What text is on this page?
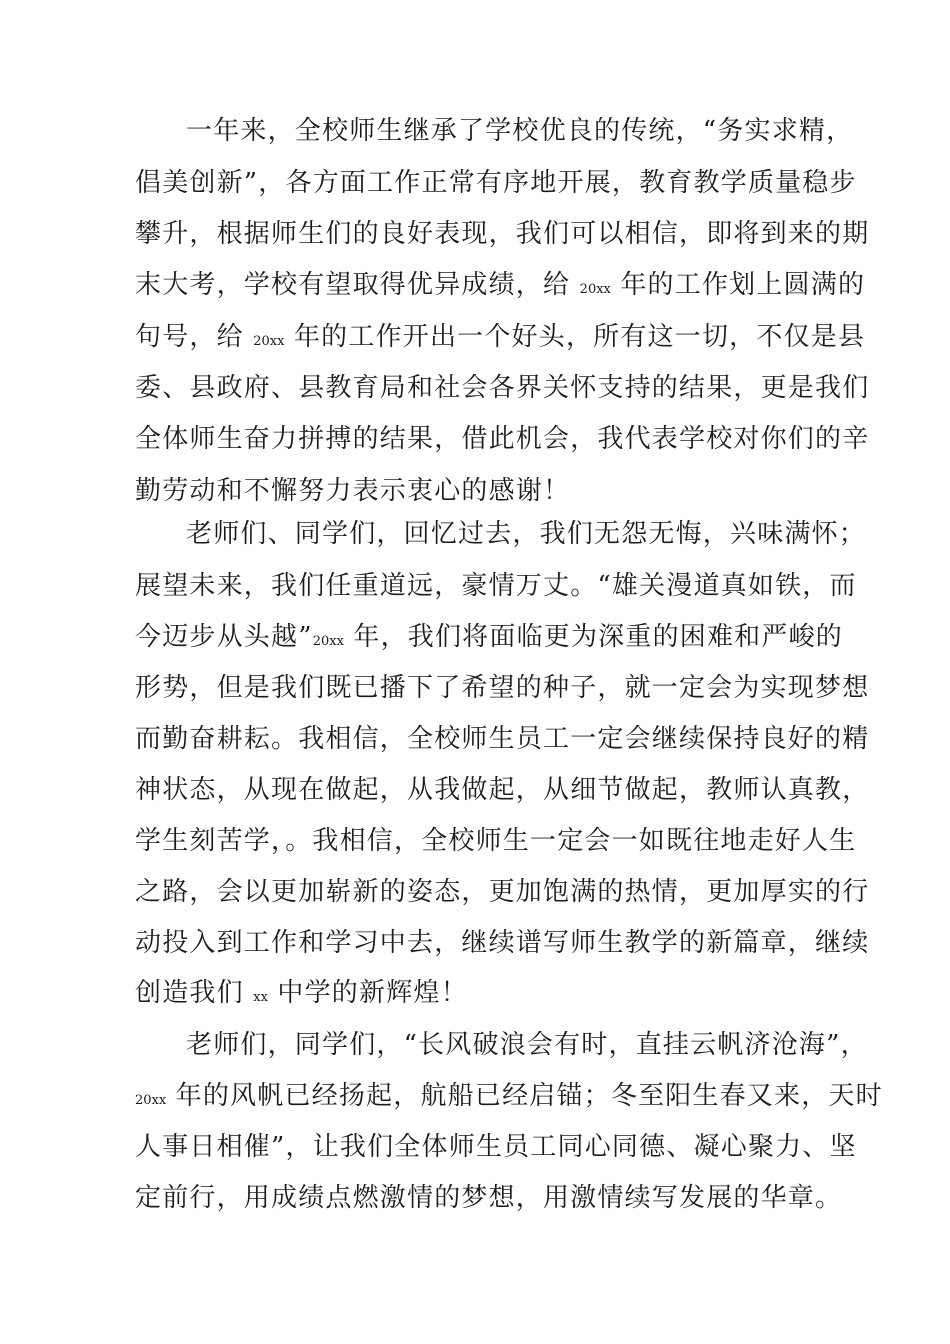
一年来，全校师生继承了学校优良的传统，“务实求精，
倡美创新”，各方面工作正常有序地开展，教育教学质量稳步
攀升，根据师生们的良好表现，我们可以相信，即将到来的期
末大考，学校有望取得优异成绩，给 20xx 年的工作划上圆满的
句号，给 20xx 年的工作开出一个好头，所有这一切，不仅是县
委、县政府、县教育局和社会各界关怀支持的结果，更是我们
全体师生奋力拼搏的结果，借此机会，我代表学校对你们的辛
勤劳动和不懈努力表示衷心的感谢！
老师们、同学们，回忆过去，我们无怨无悔，兴味满怀；
展望未来，我们任重道远，豪情万丈。“雄关漫道真如铁，而
今迈步从头越”20xx 年，我们将面临更为深重的困难和严峻的
形势，但是我们既已播下了希望的种子，就一定会为实现梦想
而勤奋耕耘。我相信，全校师生员工一定会继续保持良好的精
神状态，从现在做起，从我做起，从细节做起，教师认真教，
学生刻苦学，。我相信，全校师生一定会一如既往地走好人生
之路，会以更加崭新的姿态，更加饱满的热情，更加厚实的行
动投入到工作和学习中去，继续谱写师生教学的新篇章，继续
创造我们 xx 中学的新辉煌！
老师们，同学们，“长风破浪会有时，直挂云帆济沧海”，
20xx 年的风帆已经扬起，航船已经启锚；冬至阳生春又来，天时
人事日相催”，让我们全体师生员工同心同德、凝心聚力、坚
定前行，用成绩点燃激情的梦想，用激情续写发展的华章。
